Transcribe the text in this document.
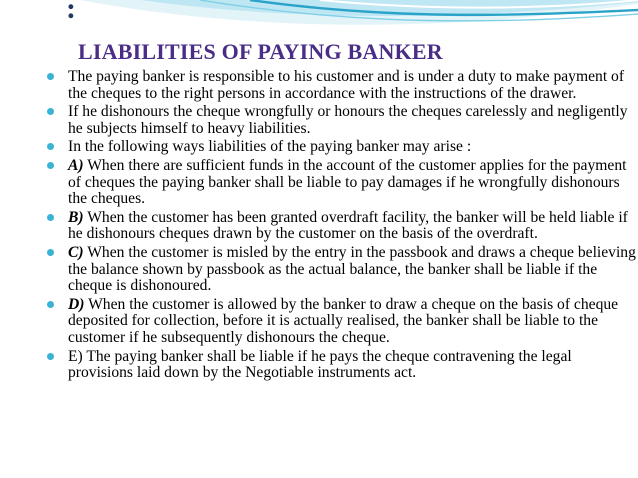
:
LIABILITIES OF PAYING BANKER
The paying banker is responsible to his customer and is under a duty to make payment of the cheques to the right persons in accordance with the instructions of the drawer.
If he dishonours the cheque wrongfully or honours the cheques carelessly and negligently he subjects himself to heavy liabilities.
In the following ways liabilities of the paying banker may arise :
A) When there are sufficient funds in the account of the customer applies for the payment of cheques the paying banker shall be liable to pay damages if he wrongfully dishonours the cheques.
B) When the customer has been granted overdraft facility, the banker will be held liable if he dishonours cheques drawn by the customer on the basis of the overdraft.
C) When the customer is misled by the entry in the passbook and draws a cheque believing the balance shown by passbook as the actual balance, the banker shall be liable if the cheque is dishonoured.
D) When the customer is allowed by the banker to draw a cheque on the basis of cheque deposited for collection, before it is actually realised, the banker shall be liable to the customer if he subsequently dishonours the cheque.
E) The paying banker shall be liable if he pays the cheque contravening the legal provisions laid down by the Negotiable instruments act.
